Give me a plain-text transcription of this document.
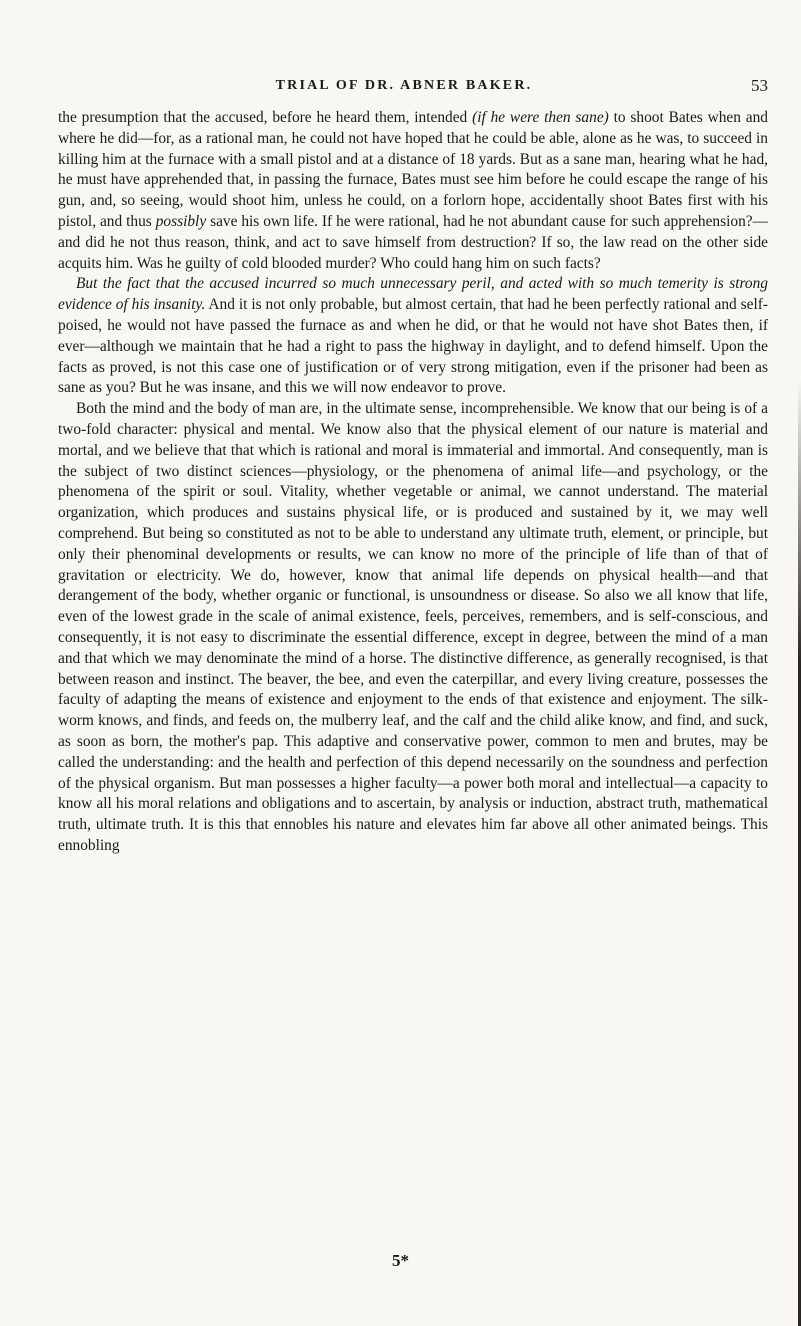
TRIAL OF DR. ABNER BAKER.	53

the presumption that the accused, before he heard them, intended (if he were then sane) to shoot Bates when and where he did—for, as a rational man, he could not have hoped that he could be able, alone as he was, to succeed in killing him at the furnace with a small pistol and at a distance of 18 yards. But as a sane man, hearing what he had, he must have apprehended that, in passing the furnace, Bates must see him before he could escape the range of his gun, and, so seeing, would shoot him, unless he could, on a forlorn hope, accidentally shoot Bates first with his pistol, and thus possibly save his own life. If he were rational, had he not abundant cause for such apprehension?—and did he not thus reason, think, and act to save himself from destruction? If so, the law read on the other side acquits him. Was he guilty of cold blooded murder? Who could hang him on such facts?

But the fact that the accused incurred so much unnecessary peril, and acted with so much temerity is strong evidence of his insanity. And it is not only probable, but almost certain, that had he been perfectly rational and self-poised, he would not have passed the furnace as and when he did, or that he would not have shot Bates then, if ever—although we maintain that he had a right to pass the highway in daylight, and to defend himself. Upon the facts as proved, is not this case one of justification or of very strong mitigation, even if the prisoner had been as sane as you? But he was insane, and this we will now endeavor to prove.

Both the mind and the body of man are, in the ultimate sense, incomprehensible. We know that our being is of a two-fold character: physical and mental. We know also that the physical element of our nature is material and mortal, and we believe that that which is rational and moral is immaterial and immortal. And consequently, man is the subject of two distinct sciences—physiology, or the phenomena of animal life—and psychology, or the phenomena of the spirit or soul. Vitality, whether vegetable or animal, we cannot understand. The material organization, which produces and sustains physical life, or is produced and sustained by it, we may well comprehend. But being so constituted as not to be able to understand any ultimate truth, element, or principle, but only their phenominal developments or results, we can know no more of the principle of life than of that of gravitation or electricity. We do, however, know that animal life depends on physical health—and that derangement of the body, whether organic or functional, is unsoundness or disease. So also we all know that life, even of the lowest grade in the scale of animal existence, feels, perceives, remembers, and is self-conscious, and consequently, it is not easy to discriminate the essential difference, except in degree, between the mind of a man and that which we may denominate the mind of a horse. The distinctive difference, as generally recognised, is that between reason and instinct. The beaver, the bee, and even the caterpillar, and every living creature, possesses the faculty of adapting the means of existence and enjoyment to the ends of that existence and enjoyment. The silk-worm knows, and finds, and feeds on, the mulberry leaf, and the calf and the child alike know, and find, and suck, as soon as born, the mother's pap. This adaptive and conservative power, common to men and brutes, may be called the understanding: and the health and perfection of this depend necessarily on the soundness and perfection of the physical organism. But man possesses a higher faculty—a power both moral and intellectual—a capacity to know all his moral relations and obligations and to ascertain, by analysis or induction, abstract truth, mathematical truth, ultimate truth. It is this that ennobles his nature and elevates him far above all other animated beings. This ennobling

5*
